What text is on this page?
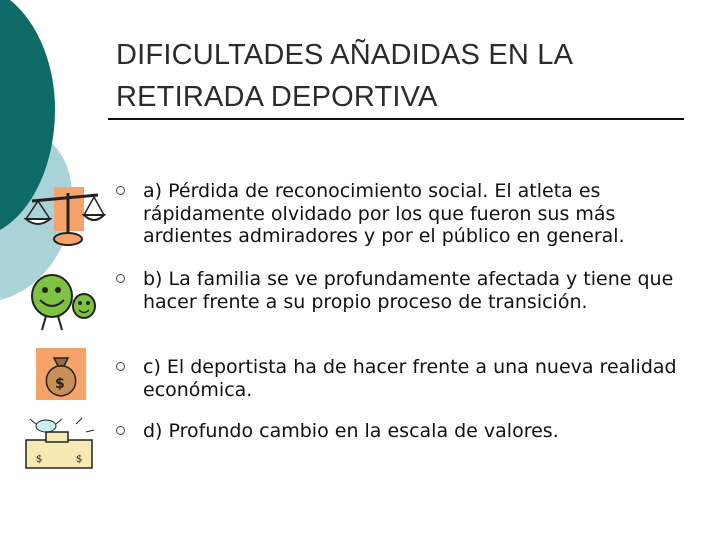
DIFICULTADES AÑADIDAS EN LA
RETIRADA DEPORTIVA
$
$	$
a) Pérdida de reconocimiento social. El atleta es rápidamente olvidado por los que fueron sus más ardientes admiradores y por el público en general.
b) La familia se ve profundamente afectada y tiene que hacer frente a su propio proceso de transición.
c) El deportista ha de hacer frente a una nueva realidad económica.
d) Profundo cambio en la escala de valores.
